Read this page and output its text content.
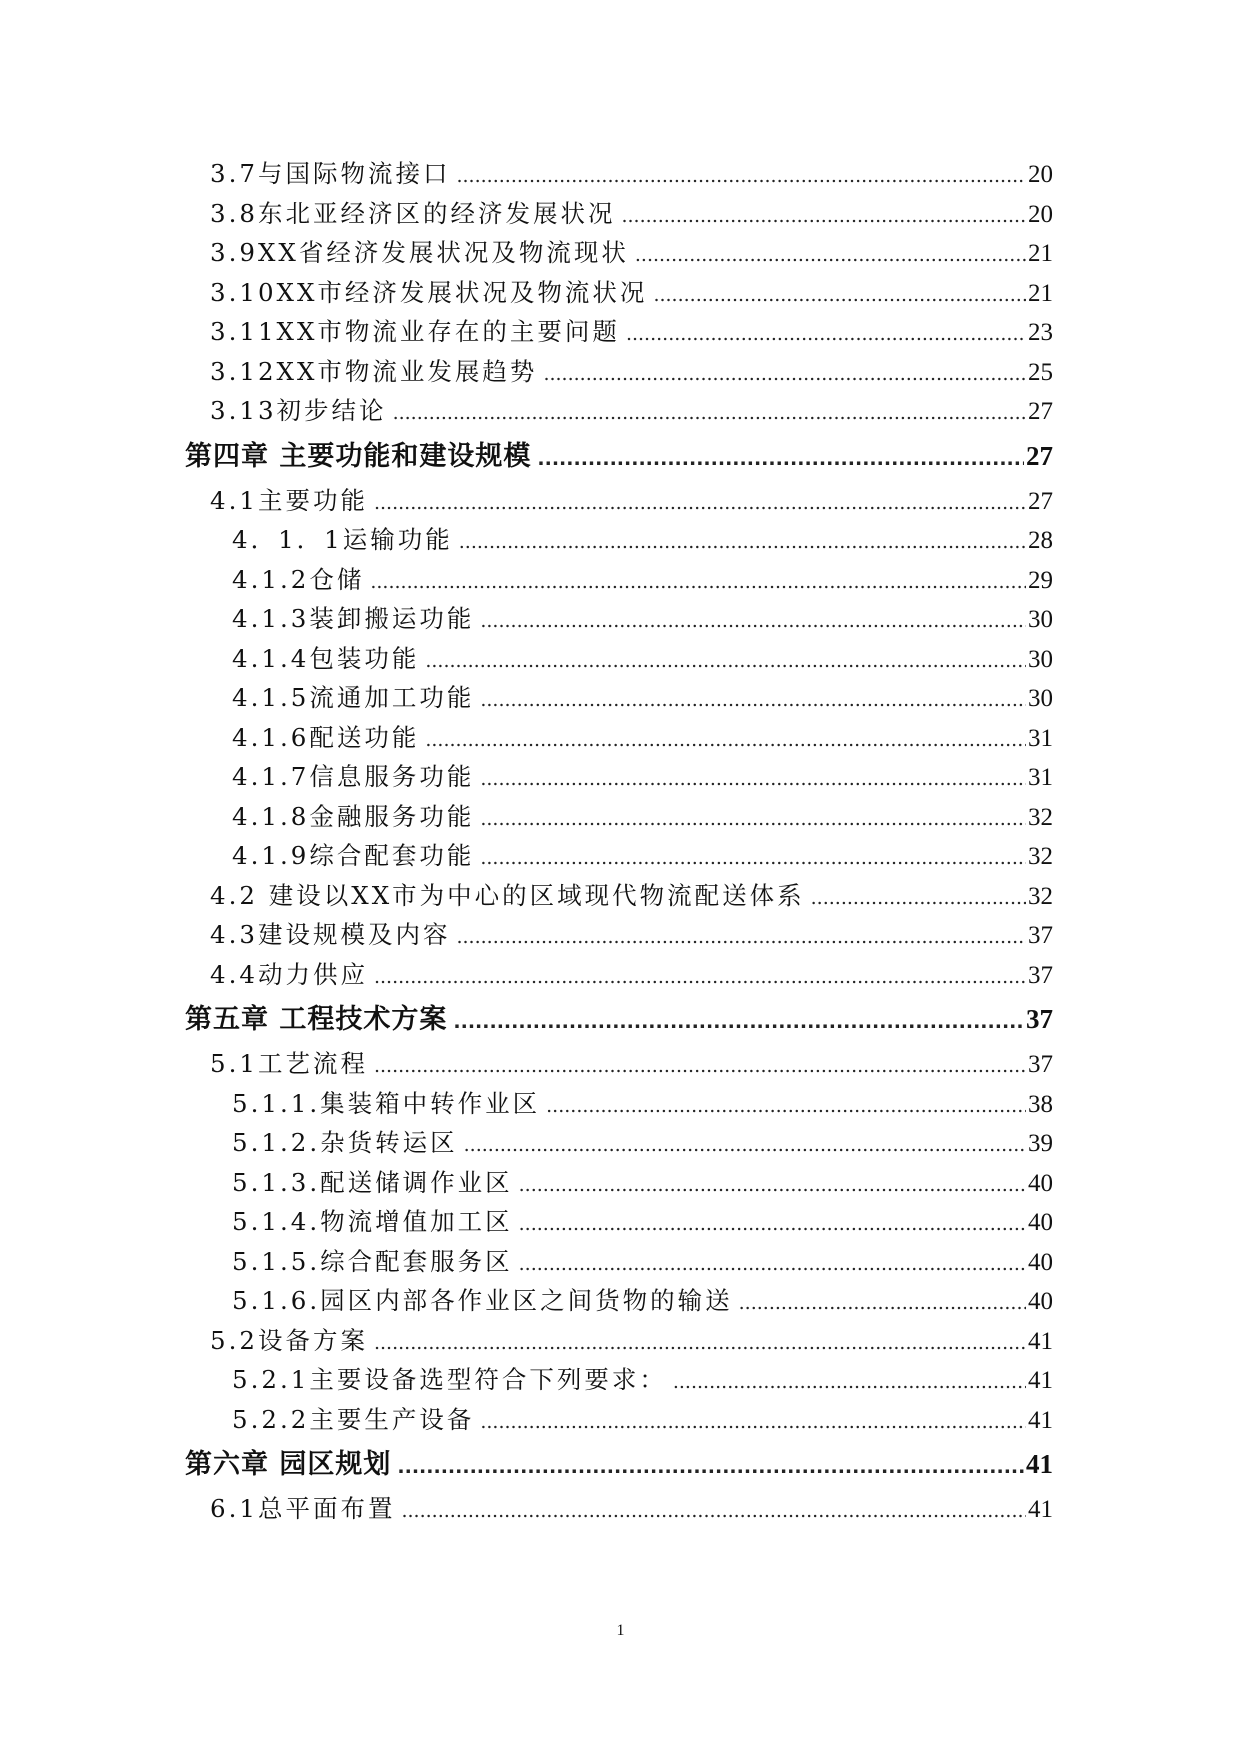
3.7与国际物流接口 .....	20
3.8东北亚经济区的经济发展状况 .....	20
3.9XX省经济发展状况及物流现状 .....	21
3.10XX市经济发展状况及物流状况 .....	21
3.11XX市物流业存在的主要问题 .....	23
3.12XX市物流业发展趋势 .....	25
3.13初步结论 .....	27
第四章 主要功能和建设规模 .....	27
4.1主要功能 .....	27
4．1．1运输功能 .....	28
4.1.2仓储 .....	29
4.1.3装卸搬运功能 .....	30
4.1.4包装功能 .....	30
4.1.5流通加工功能 .....	30
4.1.6配送功能 .....	31
4.1.7信息服务功能 .....	31
4.1.8金融服务功能 .....	32
4.1.9综合配套功能 .....	32
4.2 建设以XX市为中心的区域现代物流配送体系 .....	32
4.3建设规模及内容 .....	37
4.4动力供应 .....	37
第五章 工程技术方案 .....	37
5.1工艺流程 .....	37
5.1.1.集装箱中转作业区 .....	38
5.1.2.杂货转运区 .....	39
5.1.3.配送储调作业区 .....	40
5.1.4.物流增值加工区 .....	40
5.1.5.综合配套服务区 .....	40
5.1.6.园区内部各作业区之间货物的输送 .....	40
5.2设备方案 .....	41
5.2.1主要设备选型符合下列要求： .....	41
5.2.2主要生产设备 .....	41
第六章 园区规划 .....	41
6.1总平面布置 .....	41
1
